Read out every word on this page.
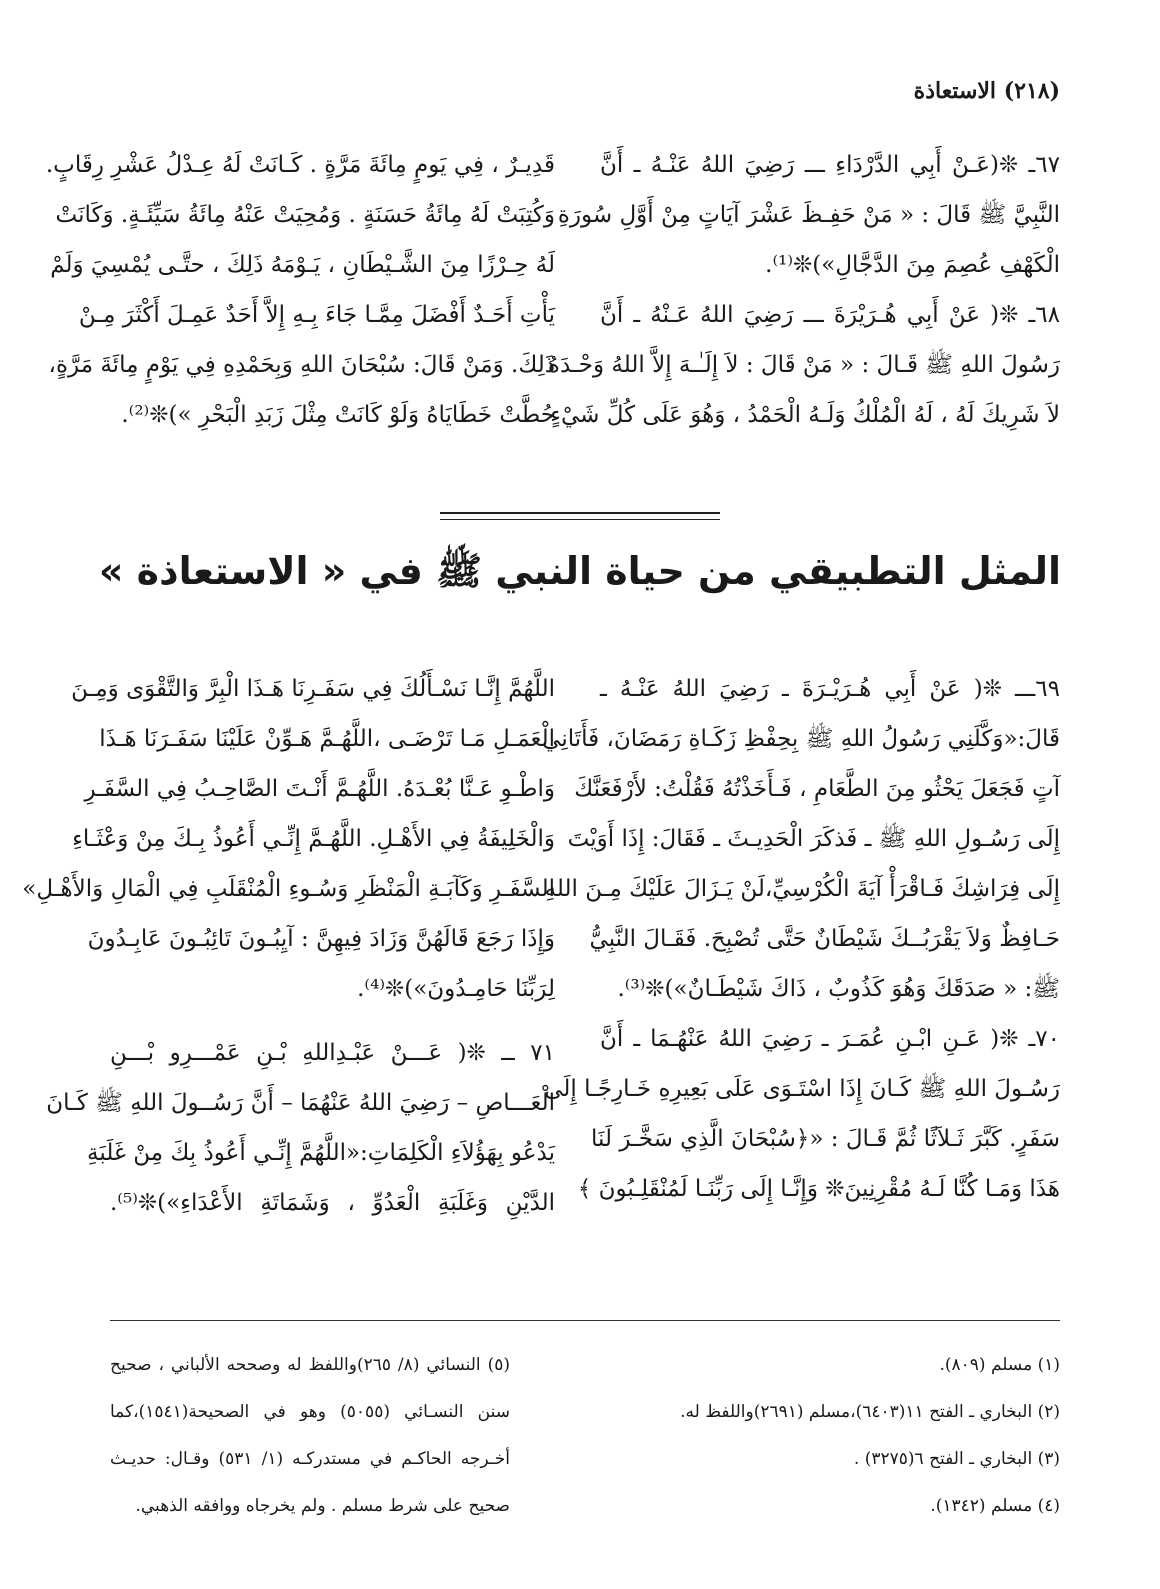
(٢١٨) الاستعاذة
٦٧ـ ❊(عَـنْ أَبِي الدَّرْدَاءِ ـــ رَضِيَ اللهُ عَنْـهُ ـ أَنَّ
النَّبِيَّ ﷺ قَالَ : « مَنْ حَفِـظَ عَشْرَ آيَاتٍ مِنْ أَوَّلِ سُورَةِ
الْكَهْفِ عُصِمَ مِنَ الدَّجَّالِ»)❊⁽¹⁾.
٦٨ـ ❊( عَنْ أَبِي هُـرَيْرَةَ ـــ رَضِيَ اللهُ عَـنْهُ ـ أَنَّ
رَسُولَ اللهِ ﷺ قَـالَ : « مَنْ قَالَ : لاَ إِلَـٰـهَ إِلاَّ اللهُ وَحْـدَهُ
لاَ شَرِيكَ لَهُ ، لَهُ الْمُلْكُ وَلَـهُ الْحَمْدُ ، وَهُوَ عَلَى كُلِّ شَيْءٍ
قَدِيـرٌ ، فِي يَومٍ مِائَةَ مَرَّةٍ . كَـانَتْ لَهُ عِـدْلُ عَشْرِ رِقَابٍ.
وَكُتِبَتْ لَهُ مِائَةُ حَسَنَةٍ . وَمُحِيَتْ عَنْهُ مِائَةُ سَيِّئَـةٍ. وَكَانَتْ
لَهُ حِـرْزًا مِنَ الشَّـيْطَانِ ، يَـوْمَهُ ذَلِكَ ، حتَّـى يُمْسِيَ وَلَمْ
يَأْتِ أَحَـدٌ أَفْضَلَ مِمَّـا جَاءَ بِـهِ إِلاَّ أَحَدٌ عَمِـلَ أَكْثَرَ مِـنْ
ذَلِكَ. وَمَنْ قَالَ: سُبْحَانَ اللهِ وَبِحَمْدِهِ فِي يَوْمٍ مِائَةَ مَرَّةٍ،
حُطَّتْ خَطَايَاهُ وَلَوْ كَانَتْ مِثْلَ زَبَدِ الْبَحْرِ »)❊⁽²⁾.
المثل التطبيقي من حياة النبي ﷺ في « الاستعاذة »
٦٩ـــ ❊( عَنْ أَبِي هُـرَيْـرَةَ ـ رَضِيَ اللهُ عَنْـهُ ـ
قَالَ:«وَكَّلَنِي رَسُولُ اللهِ ﷺ بِحِفْظِ زَكَـاةِ رَمَضَانَ، فَأَتَانِي
آتٍ فَجَعَلَ يَحْثُو مِنَ الطَّعَامِ ، فَـأَخَذْتُهُ فَقُلْتُ: لأَرْفَعَنَّكَ
إِلَى رَسُـولِ اللهِ ﷺ ـ فَذكَرَ الْحَدِيـثَ ـ فَقَالَ: إِذَا أَوَيْتَ
إِلَى فِرَاشِكَ فَـاقْرَأْ آيَةَ الْكُرْسِيِّ،لَنْ يَـزَالَ عَلَيْكَ مِـنَ اللهِ
حَـافِظٌ وَلاَ يَقْرَبُــكَ شَيْطَانٌ حَتَّى تُصْبِحَ. فَقَـالَ النَّبِيُّ
ﷺ: « صَدَقَكَ وَهُوَ كَذُوبٌ ، ذَاكَ شَيْطَـانٌ»)❊⁽³⁾.
٧٠ـ ❊( عَـنِ ابْـنِ عُمَـرَ ـ رَضِيَ اللهُ عَنْهُـمَا ـ أَنَّ
رَسُـولَ اللهِ ﷺ كَـانَ إِذَا اسْتَـوَى عَلَى بَعِيرِهِ خَـارِجًـا إِلَى
سَفَرٍ. كَبَّرَ ثَـلاَثًا ثُمَّ قَـالَ : «﴿سُبْحَانَ الَّذِي سَخَّـرَ لَنَا
هَذَا وَمَـا كُنَّا لَـهُ مُقْرِنِينَ❊ وَإِنَّـا إِلَى رَبِّنَـا لَمُنْقَلِـبُونَ ﴾
اللَّهُمَّ إِنَّـا نَسْـأَلُكَ فِي سَفَـرِنَا هَـذَا الْبِرَّ وَالتَّقْوَى وَمِـنَ
الْعَمَـلِ مَـا تَرْضَـى ،اللَّهُـمَّ هَـوِّنْ عَلَيْنَا سَفَـرَنَا هَـذَا
وَاطْـوِ عَـنَّا بُعْـدَهُ. اللَّهُـمَّ أَنْـتَ الصَّاحِـبُ فِي السَّفَـرِ
وَالْخَلِيفَةُ فِي الأَهْـلِ. اللَّهُـمَّ إِنِّـي أَعُوذُ بِـكَ مِنْ وَعْثَـاءِ
السَّفَـرِ وَكَآبَـةِ الْمَنْظَرِ وَسُـوءِ الْمُنْقَلَبِ فِي الْمَالِ وَالأَهْـلِ»
وَإِذَا رَجَعَ قَالَهُنَّ وَزَادَ فِيهِنَّ : آيِبُـونَ تَائِبُـونَ عَابِـدُونَ
لِرَبِّنَا حَامِـدُونَ»)❊⁽⁴⁾.
٧١ ــ ❊( عَـــنْ عَبْـدِاللهِ بْـنِ عَمْـــرِو بْـــنِ
الْعَـــاصِ – رَضِيَ اللهُ عَنْهُمَا – أَنَّ رَسُــولَ اللهِ ﷺ كَـانَ
يَدْعُو بِهَؤُلاَءِ الْكَلِمَاتِ:«اللَّهُمَّ إِنِّـي أَعُوذُ بِكَ مِنْ غَلَبَةِ
الدَّيْنِ وَغَلَبَةِ الْعَدُوِّ ، وَشَمَاتَةِ الأَعْدَاءِ»)❊⁽⁵⁾.
(١) مسلم (٨٠٩).
(٢) البخاري ـ الفتح ١١(٦٤٠٣)،مسلم (٢٦٩١)واللفظ له.
(٣) البخاري ـ الفتح ٦(٣٢٧٥) .
(٤) مسلم (١٣٤٢).
(٥) النسائي (٨/ ٢٦٥)واللفظ له وصححه الألباني ، صحيح
سنن النسـائي (٥٠٥٥) وهو في الصحيحة(١٥٤١)،كما
أخـرجه الحاكـم في مستدركـه (١/ ٥٣١) وقـال: حديـث
صحيح على شرط مسلم . ولم يخرجاه ووافقه الذهبي.
